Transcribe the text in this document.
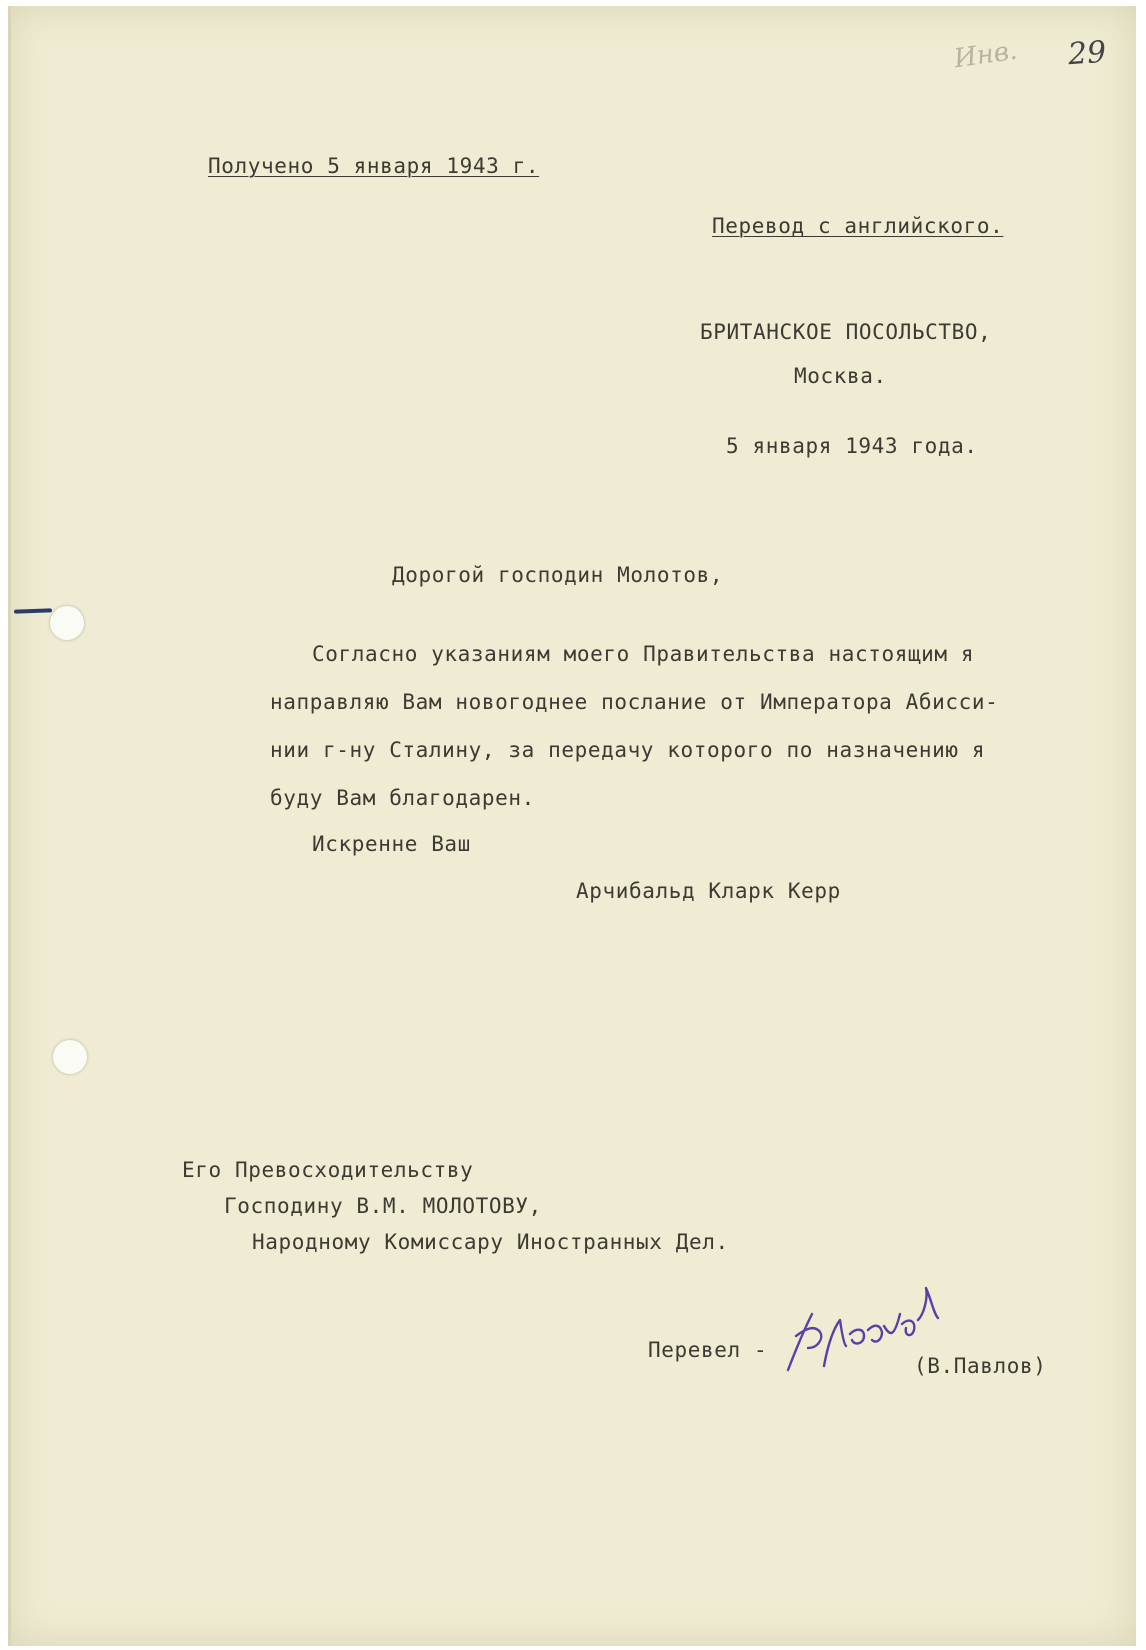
Инв. 29
Получено 5 января 1943 г.
Перевод с английского.
БРИТАНСКОЕ ПОСОЛЬСТВО,
Москва.
5 января 1943 года.
Дорогой господин Молотов,
Согласно указаниям моего Правительства настоящим я
направляю Вам новогоднее послание от Императора Абисси-
нии г-ну Сталину, за передачу которого по назначению я
буду Вам благодарен.
Искренне Ваш
Арчибальд Кларк Керр
Его Превосходительству
Господину В.М. МОЛОТОВУ,
Народному Комиссару Иностранных Дел.
Перевел -
(В.Павлов)
